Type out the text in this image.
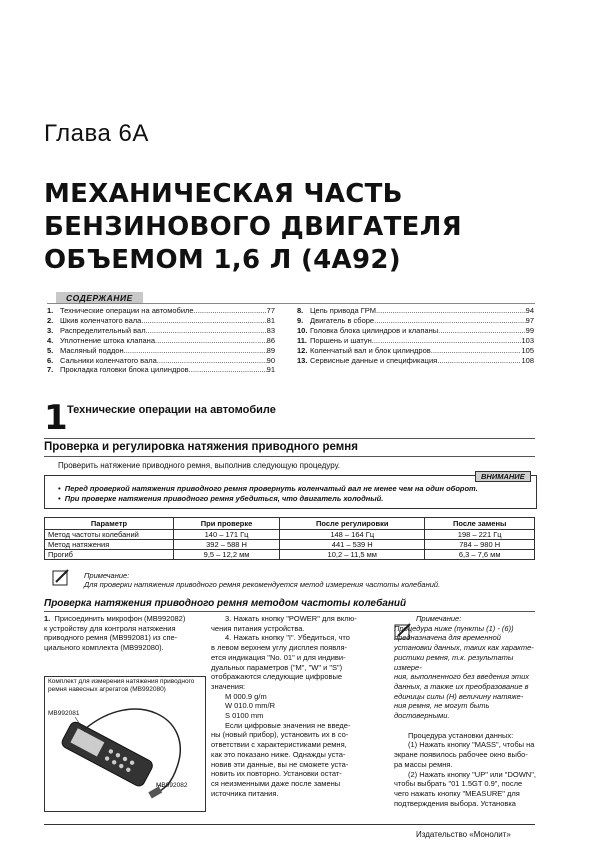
Глава 6А
МЕХАНИЧЕСКАЯ ЧАСТЬ
БЕНЗИНОВОГО ДВИГАТЕЛЯ
ОБЪЕМОМ 1,6 Л (4А92)
СОДЕРЖАНИЕ
1. Технические операции на автомобиле .....	77
2. Шкив коленчатого вала .....	81
3. Распределительный вал .....	83
4. Уплотнение штока клапана .....	86
5. Масляный поддон .....	89
6. Сальники коленчатого вала .....	90
7. Прокладка головки блока цилиндров .....	91
8. Цепь привода ГРМ .....	94
9. Двигатель в сборе .....	97
10. Головка блока цилиндров и клапаны .....	99
11. Поршень и шатун .....	103
12. Коленчатый вал и блок цилиндров .....	105
13. Сервисные данные и спецификация .....	108
1 Технические операции на автомобиле
Проверка и регулировка натяжения приводного ремня
Проверить натяжение приводного ремня, выполнив следующую процедуру.
ВНИМАНИЕ
•  Перед проверкой натяжения приводного ремня провернуть коленчатый вал не менее чем на один оборот.
•  При проверке натяжения приводного ремня убедиться, что двигатель холодный.
Параметр	При проверке	После регулировки	После замены
Метод частоты колебаний	140 – 171 Гц	148 – 164 Гц	198 – 221 Гц
Метод натяжения	392 – 588 Н	441 – 539 Н	784 – 980 Н
Прогиб	9,5 – 12,2 мм	10,2 – 11,5 мм	6,3 – 7,6 мм
Примечание:
Для проверки натяжения приводного ремня рекомендуется метод измерения частоты колебаний.
Проверка натяжения приводного ремня методом частоты колебаний
1. Присоединить микрофон (MB992082)
к устройству для контроля натяжения
приводного ремня (MB992081) из спе-
циального комплекта (MB992080).
Комплект для измерения натяжения приводного ремня навесных агрегатов (MB992080)
MB992081
MB992082
3. Нажать кнопку "POWER" для вклю-
чения питания устройства.
4. Нажать кнопку "I". Убедиться, что
в левом верхнем углу дисплея появля-
ется индикация "No. 01" и для индиви-
дуальных параметров ("M", "W" и "S")
отображаются следующие цифровые
значения:
M 000.9 g/m
W 010.0 mm/R
S 0100 mm
Если цифровые значения не введе-
ны (новый прибор), установить их в со-
ответствии с характеристиками ремня,
как это показано ниже. Однажды уста-
новив эти данные, вы не сможете уста-
новить их повторно. Установки остат-
ся неизменными даже после замены
источника питания.
Примечание:
Процедура ниже (пункты (1) - (6))
предназначена для временной
установки данных, таких как характе-
ристики ремня, т.к. результаты измере-
ния, выполненного без введения этих
данных, а также их преобразование в
единицы силы (Н) величину натяже-
ния ремня, не могут быть
достоверными.
Процедура установки данных:
(1) Нажать кнопку "MASS", чтобы на
экране появилось рабочее окно выбо-
ра массы ремня.
(2) Нажать кнопку "UP" или "DOWN",
чтобы выбрать "01 1.5GT 0.9", после
чего нажать кнопку "MEASURE" для
подтверждения выбора. Установка
Издательство «Монолит»
